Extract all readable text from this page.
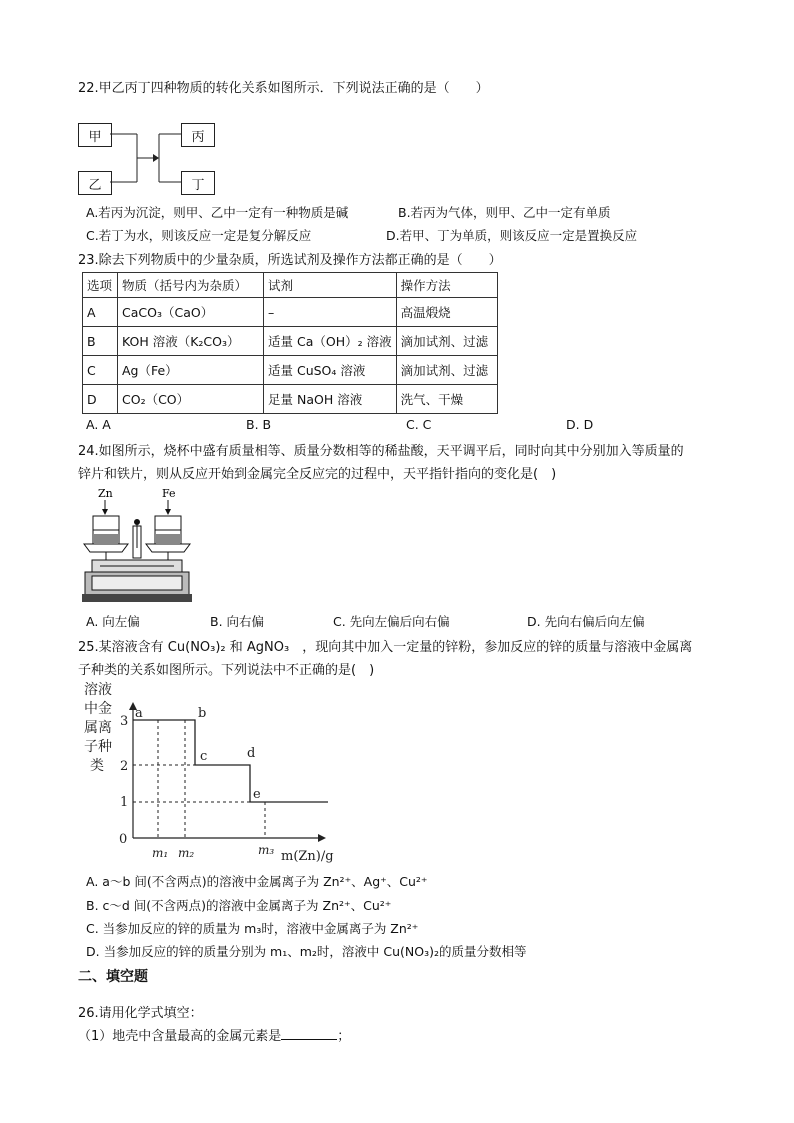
22.甲乙丙丁四种物质的转化关系如图所示．下列说法正确的是（　　）
甲
乙
丙
丁
A.若丙为沉淀，则甲、乙中一定有一种物质是碱	B.若丙为气体，则甲、乙中一定有单质
C.若丁为水，则该反应一定是复分解反应	D.若甲、丁为单质，则该反应一定是置换反应
23.除去下列物质中的少量杂质，所选试剂及操作方法都正确的是（　　）
选项	物质（括号内为杂质）	试剂	操作方法
A	CaCO₃（CaO）	–	高温煅烧
B	KOH 溶液（K₂CO₃）	适量 Ca（OH）₂ 溶液	滴加试剂、过滤
C	Ag（Fe）	适量 CuSO₄ 溶液	滴加试剂、过滤
D	CO₂（CO）	足量 NaOH 溶液	洗气、干燥
A. A	B. B	C. C	D. D
24.如图所示，烧杯中盛有质量相等、质量分数相等的稀盐酸，天平调平后，同时向其中分别加入等质量的
锌片和铁片，则从反应开始到金属完全反应完的过程中，天平指针指向的变化是(　)
Zn	Fe
A. 向左偏	B. 向右偏	C. 先向左偏后向右偏	D. 先向右偏后向左偏
25.某溶液含有 Cu(NO₃)₂ 和 AgNO₃　，现向其中加入一定量的锌粉，参加反应的锌的质量与溶液中金属离
子种类的关系如图所示。下列说法中不正确的是(　)
溶液
中金
属离
子种
类
0
1
2
3
a	b
c	d
e
m₁ m₂	m₃ m(Zn)/g
A. a～b 间(不含两点)的溶液中金属离子为 Zn²⁺、Ag⁺、Cu²⁺
B. c～d 间(不含两点)的溶液中金属离子为 Zn²⁺、Cu²⁺
C. 当参加反应的锌的质量为 m₃时，溶液中金属离子为 Zn²⁺
D. 当参加反应的锌的质量分别为 m₁、m₂时，溶液中 Cu(NO₃)₂的质量分数相等
二、填空题
26.请用化学式填空：
（1）地壳中含量最高的金属元素是	；
